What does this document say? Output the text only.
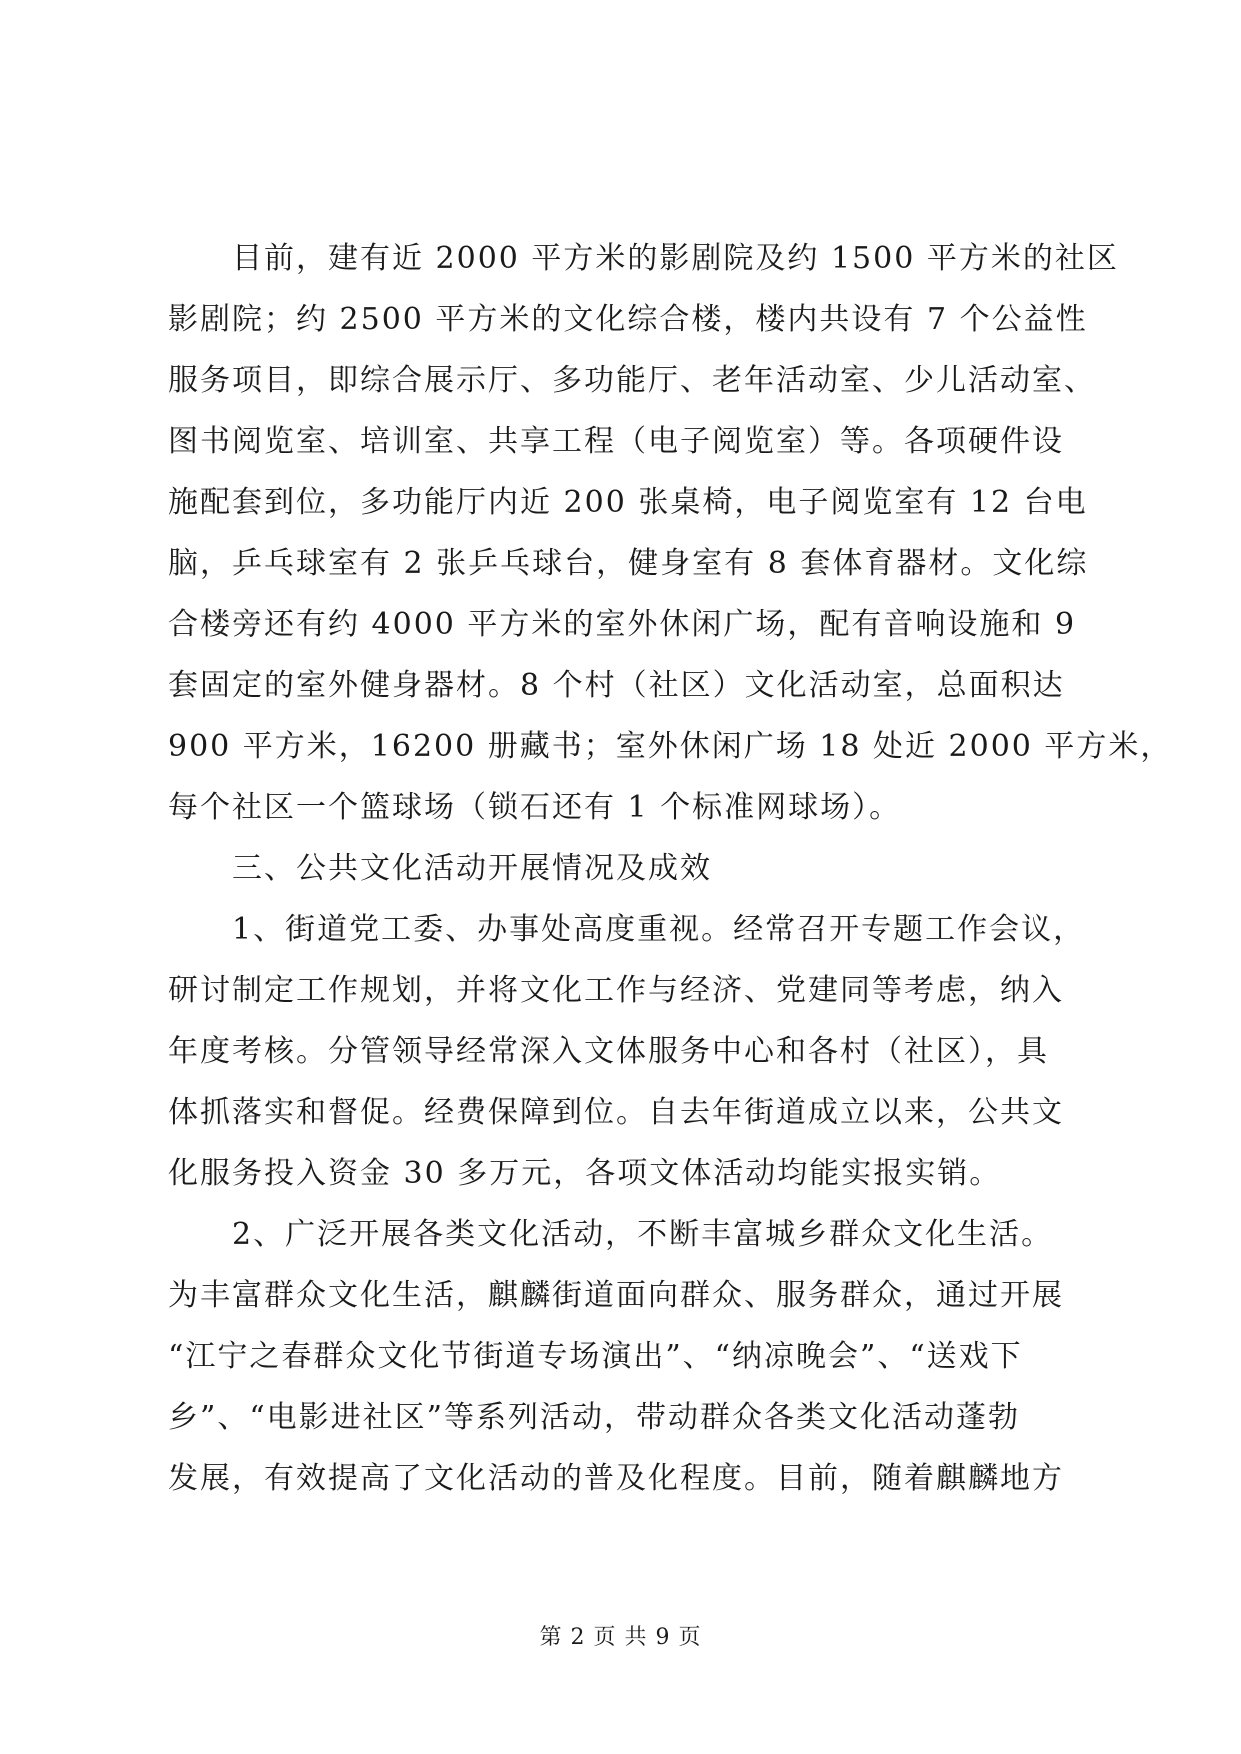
目前，建有近 2000 平方米的影剧院及约 1500 平方米的社区
影剧院；约 2500 平方米的文化综合楼，楼内共设有 7 个公益性
服务项目，即综合展示厅、多功能厅、老年活动室、少儿活动室、
图书阅览室、培训室、共享工程（电子阅览室）等。各项硬件设
施配套到位，多功能厅内近 200 张桌椅，电子阅览室有 12 台电
脑，乒乓球室有 2 张乒乓球台，健身室有 8 套体育器材。文化综
合楼旁还有约 4000 平方米的室外休闲广场，配有音响设施和 9
套固定的室外健身器材。8 个村（社区）文化活动室，总面积达
900 平方米，16200 册藏书；室外休闲广场 18 处近 2000 平方米，
每个社区一个篮球场（锁石还有 1 个标准网球场）。
三、公共文化活动开展情况及成效
1、街道党工委、办事处高度重视。经常召开专题工作会议，
研讨制定工作规划，并将文化工作与经济、党建同等考虑，纳入
年度考核。分管领导经常深入文体服务中心和各村（社区），具
体抓落实和督促。经费保障到位。自去年街道成立以来，公共文
化服务投入资金 30 多万元，各项文体活动均能实报实销。
2、广泛开展各类文化活动，不断丰富城乡群众文化生活。
为丰富群众文化生活，麒麟街道面向群众、服务群众，通过开展
“江宁之春群众文化节街道专场演出”、“纳凉晚会”、“送戏下
乡”、“电影进社区”等系列活动，带动群众各类文化活动蓬勃
发展，有效提高了文化活动的普及化程度。目前，随着麒麟地方
第 2 页 共 9 页
